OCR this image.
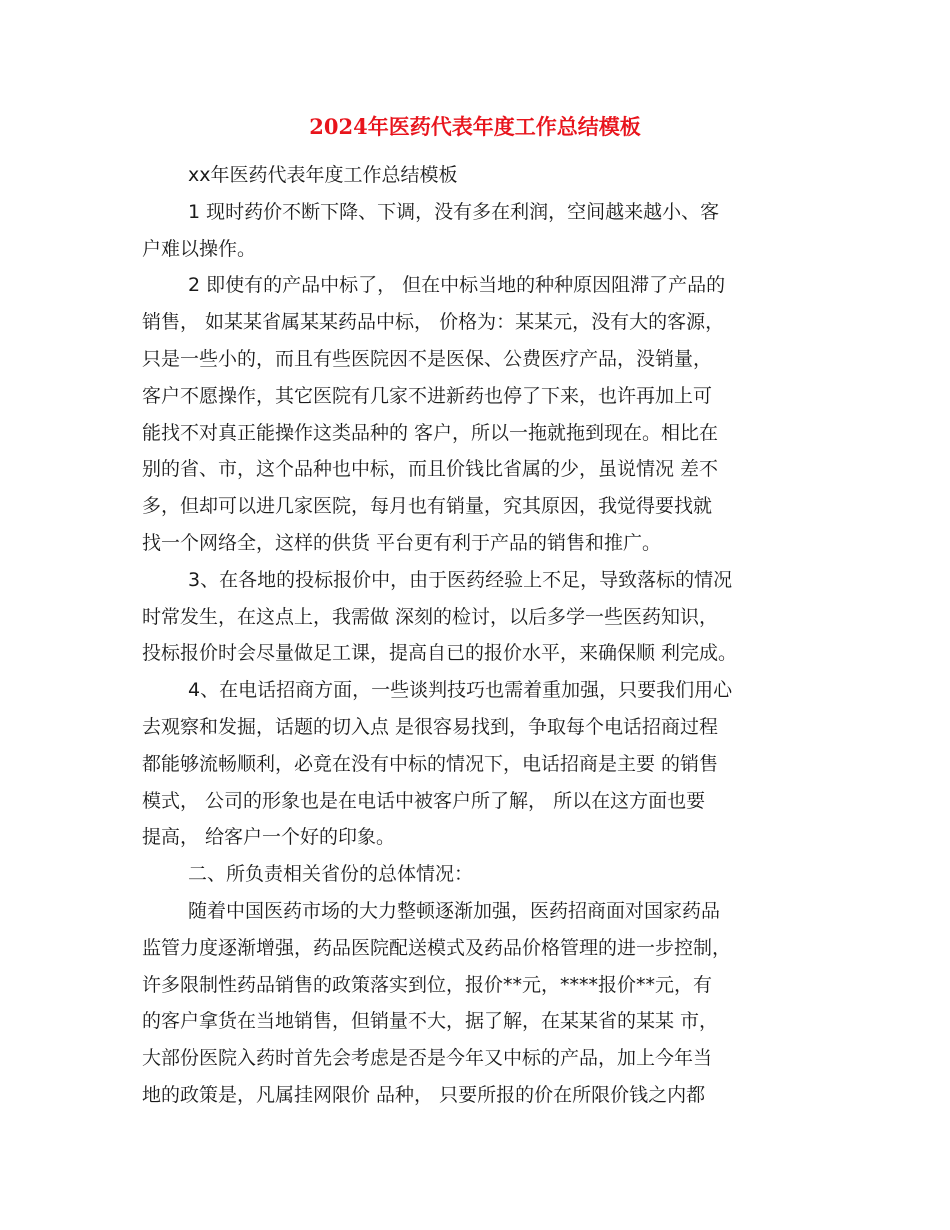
2024年医药代表年度工作总结模板
xx年医药代表年度工作总结模板
1 现时药价不断下降、下调，没有多在利润，空间越来越小、客
户难以操作。
2 即使有的产品中标了， 但在中标当地的种种原因阻滞了产品的
销售， 如某某省属某某药品中标， 价格为：某某元，没有大的客源，
只是一些小的，而且有些医院因不是医保、公费医疗产品，没销量，
客户不愿操作，其它医院有几家不进新药也停了下来，也许再加上可
能找不对真正能操作这类品种的 客户，所以一拖就拖到现在。相比在
别的省、市，这个品种也中标，而且价钱比省属的少，虽说情况 差不
多，但却可以进几家医院，每月也有销量，究其原因，我觉得要找就
找一个网络全，这样的供货 平台更有利于产品的销售和推广。
3、在各地的投标报价中，由于医药经验上不足，导致落标的情况
时常发生，在这点上，我需做 深刻的检讨，以后多学一些医药知识，
投标报价时会尽量做足工课，提高自已的报价水平，来确保顺 利完成。
4、在电话招商方面，一些谈判技巧也需着重加强，只要我们用心
去观察和发掘，话题的切入点 是很容易找到，争取每个电话招商过程
都能够流畅顺利，必竟在没有中标的情况下，电话招商是主要 的销售
模式， 公司的形象也是在电话中被客户所了解， 所以在这方面也要
提高， 给客户一个好的印象。
二、所负责相关省份的总体情况：
随着中国医药市场的大力整顿逐渐加强，医药招商面对国家药品
监管力度逐渐增强，药品医院配送模式及药品价格管理的进一步控制，
许多限制性药品销售的政策落实到位，报价**元，****报价**元，有
的客户拿货在当地销售，但销量不大，据了解，在某某省的某某 市，
大部份医院入药时首先会考虑是否是今年又中标的产品，加上今年当
地的政策是，凡属挂网限价 品种， 只要所报的价在所限价钱之内都
